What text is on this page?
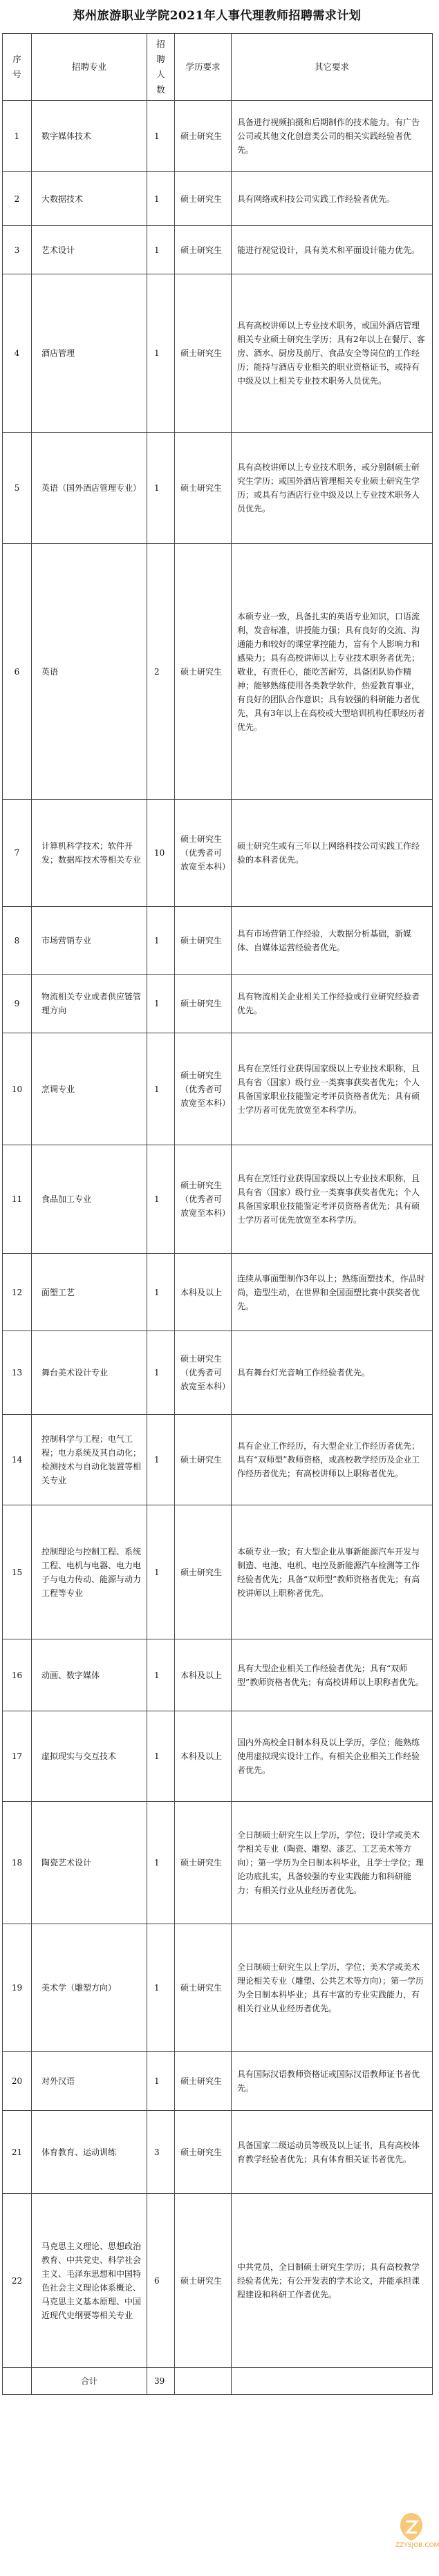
郑州旅游职业学院2021年人事代理教师招聘需求计划
序号	招聘专业	招聘人数	学历要求	其它要求
1	数字媒体技术	1	硕士研究生	具备进行视频拍摄和后期制作的技术能力。有广告公司或其他文化创意类公司的相关实践经验者优先。
2	大数据技术	1	硕士研究生	具有网络或科技公司实践工作经验者优先。
3	艺术设计	1	硕士研究生	能进行视觉设计，具有美术和平面设计能力优先。
4	酒店管理	1	硕士研究生	具有高校讲师以上专业技术职务，或国外酒店管理相关专业硕士研究生学历；具有2年以上在餐厅、客房、酒水、厨房及前厅、食品安全等岗位的工作经历；能持与酒店专业相关的职业资格证书，或持有中级及以上相关专业技术职务人员优先。
5	英语（国外酒店管理专业）	1	硕士研究生	具有高校讲师以上专业技术职务，或分别制硕士研究生学历；或国外酒店管理相关专业硕士研究生学历；或具有与酒店行业中级及以上专业技术职务人员优先。
6	英语	2	硕士研究生	本硕专业一致，具备扎实的英语专业知识，口语流利，发音标准，讲授能力强；具有良好的交流、沟通能力和较好的课堂掌控能力，富有个人影响力和感染力；具有高校讲师以上专业技术职务者优先；敬业，有责任心，能吃苦耐劳，具备团队协作精神；能够熟练使用各类教学软件，热爱教育事业，有良好的团队合作意识；具有较强的科研能力者优先，具有3年以上在高校或大型培训机构任职经历者优先。
7	计算机科学技术；软件开发；数据库技术等相关专业	10	硕士研究生（优秀者可放宽至本科）	硕士研究生或有三年以上网络科技公司实践工作经验的本科者优先。
8	市场营销专业	1	硕士研究生	具有市场营销工作经验，大数据分析基础，新媒体、自媒体运营经验者优先。
9	物流相关专业或者供应链管理方向	1	硕士研究生	具有物流相关企业相关工作经验或行业研究经验者优先。
10	烹调专业	1	硕士研究生（优秀者可放宽至本科）	具有在烹饪行业获得国家级以上专业技术职称，且具有省（国家）级行业一类赛事获奖者优先；个人具备国家职业技能鉴定考评员资格者优先；具有硕士学历者可优先放宽至本科学历。
11	食品加工专业	1	硕士研究生（优秀者可放宽至本科）	具有在烹饪行业获得国家级以上专业技术职称，且具有省（国家）级行业一类赛事获奖者优先；个人具备国家职业技能鉴定考评员资格者优先；具有硕士学历者可优先放宽至本科学历。
12	面塑工艺	1	本科及以上	连续从事面塑制作3年以上；熟练面塑技术，作品时尚，造型生动，在世界和全国面塑比赛中获奖者优先。
13	舞台美术设计专业	1	硕士研究生（优秀者可放宽至本科）	具有舞台灯光音响工作经验者优先。
14	控制科学与工程；电气工程；电力系统及其自动化；检测技术与自动化装置等相关专业	1	硕士研究生	具有企业工作经历，有大型企业工作经历者优先；具有“双师型”教师资格，或高校教学经历及企业工作经历者优先；有高校讲师以上职称者优先。
15	控制理论与控制工程、系统工程、电机与电器、电力电子与电力传动、能源与动力工程等专业	1	硕士研究生	本硕专业一致；有大型企业从事新能源汽车开发与制造、电池、电机、电控及新能源汽车检测等工作经验者优先；具备“双师型”教师资格者优先；有高校讲师以上职称者优先。
16	动画、数字媒体	1	本科及以上	具有大型企业相关工作经验者优先；具有“双师型”教师资格者优先；有高校讲师以上职称者优先。
17	虚拟现实与交互技术	1	本科及以上	国内外高校全日制本科及以上学历，学位；能熟练使用虚拟现实设计工作。有相关企业相关工作经验者优先。
18	陶瓷艺术设计	1	硕士研究生	全日制硕士研究生以上学历，学位；设计学或美术学相关专业（陶瓷、雕塑、漆艺、工艺美术等方向）；第一学历为全日制本科毕业，且学士学位；理论功底扎实，具备较强的专业实践能力和科研能力；有相关行业从业经历者优先。
19	美术学（雕塑方向）	1	硕士研究生	全日制硕士研究生以上学历，学位；美术学或美术理论相关专业（雕塑、公共艺术等方向）；第一学历为全日制本科毕业；具有丰富的专业实践能力，有相关行业从业经历者优先。
20	对外汉语	1	硕士研究生	具有国际汉语教师资格证或国际汉语教师证书者优先。
21	体育教育、运动训练	3	硕士研究生	具备国家二级运动员等级及以上证书，具有高校体育教学经验者优先；具有体育相关证书者优先。
22	马克思主义理论、思想政治教育、中共党史、科学社会主义、毛泽东思想和中国特色社会主义理论体系概论、马克思主义基本原理、中国近现代史纲要等相关专业	6	硕士研究生	中共党员，全日制硕士研究生学历；具有高校教学经验者优先；有公开发表的学术论文，并能承担课程建设和科研工作者优先。
	合计	39		
ZZYSJOB.COM
